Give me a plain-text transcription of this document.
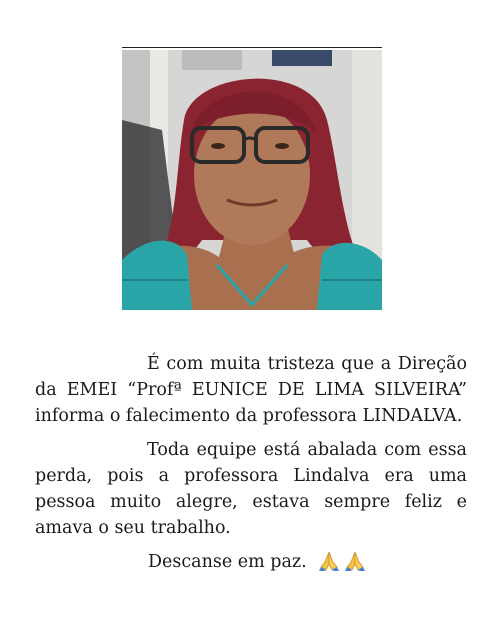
É com muita tristeza que a Direção da EMEI “Profª EUNICE DE LIMA SILVEIRA” informa o falecimento da professora LINDALVA.
Toda equipe está abalada com essa perda, pois a professora Lindalva era uma pessoa muito alegre, estava sempre feliz e amava o seu trabalho.
Descanse em paz.
